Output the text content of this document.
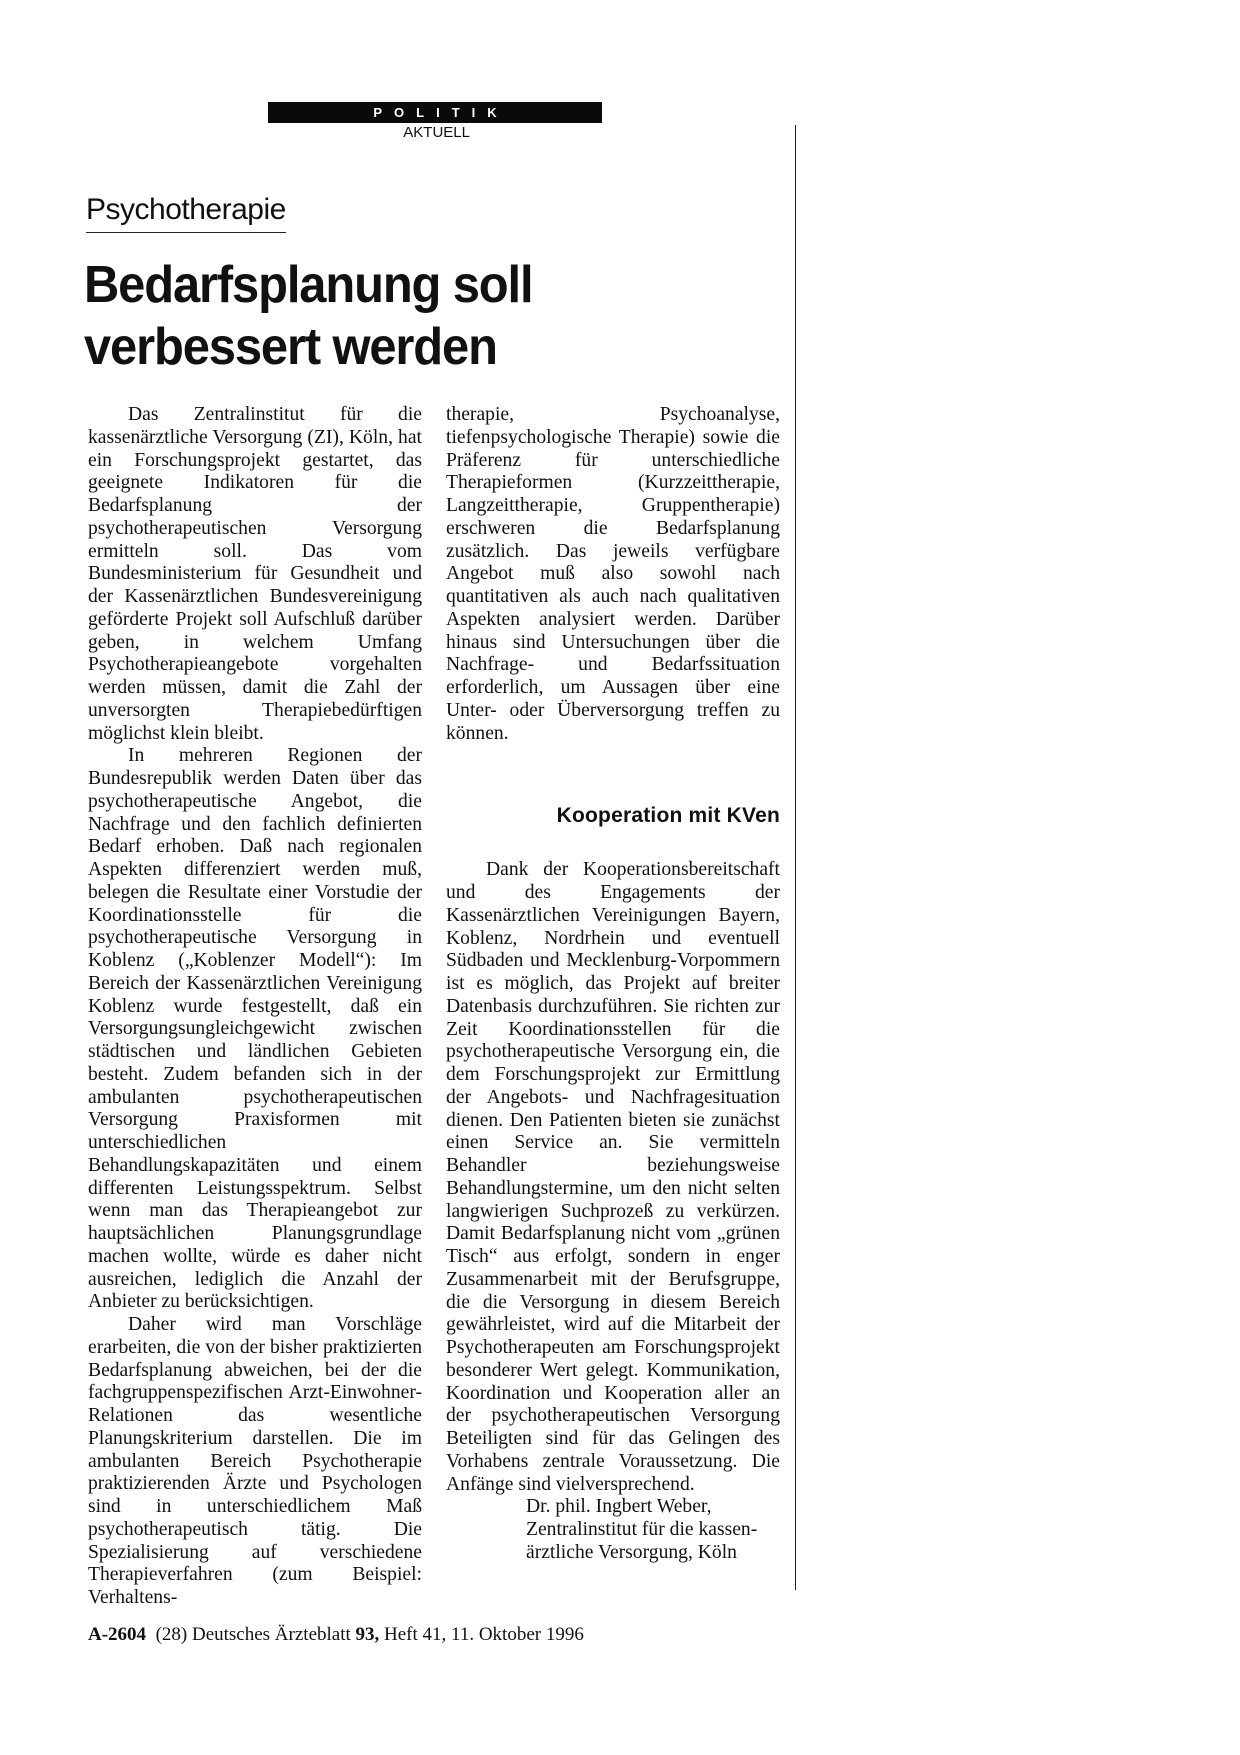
POLITIK
AKTUELL
Psychotherapie
Bedarfsplanung soll
verbessert werden

Das Zentralinstitut für die kassenärztliche Versorgung (ZI), Köln, hat ein Forschungsprojekt gestartet, das geeignete Indikatoren für die Bedarfsplanung der psychotherapeutischen Versorgung ermitteln soll. Das vom Bundesministerium für Gesundheit und der Kassenärztlichen Bundesvereinigung geförderte Projekt soll Aufschluß darüber geben, in welchem Umfang Psychotherapieangebote vorgehalten werden müssen, damit die Zahl der unversorgten Therapiebedürftigen möglichst klein bleibt.

In mehreren Regionen der Bundesrepublik werden Daten über das psychotherapeutische Angebot, die Nachfrage und den fachlich definierten Bedarf erhoben. Daß nach regionalen Aspekten differenziert werden muß, belegen die Resultate einer Vorstudie der Koordinationsstelle für die psychotherapeutische Versorgung in Koblenz („Koblenzer Modell“): Im Bereich der Kassenärztlichen Vereinigung Koblenz wurde festgestellt, daß ein Versorgungsungleichgewicht zwischen städtischen und ländlichen Gebieten besteht. Zudem befanden sich in der ambulanten psychotherapeutischen Versorgung Praxisformen mit unterschiedlichen Behandlungskapazitäten und einem differenten Leistungsspektrum. Selbst wenn man das Therapieangebot zur hauptsächlichen Planungsgrundlage machen wollte, würde es daher nicht ausreichen, lediglich die Anzahl der Anbieter zu berücksichtigen.

Daher wird man Vorschläge erarbeiten, die von der bisher praktizierten Bedarfsplanung abweichen, bei der die fachgruppenspezifischen Arzt-Einwohner-Relationen das wesentliche Planungskriterium darstellen. Die im ambulanten Bereich Psychotherapie praktizierenden Ärzte und Psychologen sind in unterschiedlichem Maß psychotherapeutisch tätig. Die Spezialisierung auf verschiedene Therapieverfahren (zum Beispiel: Verhaltens-

therapie, Psychoanalyse, tiefenpsychologische Therapie) sowie die Präferenz für unterschiedliche Therapieformen (Kurzzeittherapie, Langzeittherapie, Gruppentherapie) erschweren die Bedarfsplanung zusätzlich. Das jeweils verfügbare Angebot muß also sowohl nach quantitativen als auch nach qualitativen Aspekten analysiert werden. Darüber hinaus sind Untersuchungen über die Nachfrage- und Bedarfssituation erforderlich, um Aussagen über eine Unter- oder Überversorgung treffen zu können.

Kooperation mit KVen

Dank der Kooperationsbereitschaft und des Engagements der Kassenärztlichen Vereinigungen Bayern, Koblenz, Nordrhein und eventuell Südbaden und Mecklenburg-Vorpommern ist es möglich, das Projekt auf breiter Datenbasis durchzuführen. Sie richten zur Zeit Koordinationsstellen für die psychotherapeutische Versorgung ein, die dem Forschungsprojekt zur Ermittlung der Angebots- und Nachfragesituation dienen. Den Patienten bieten sie zunächst einen Service an. Sie vermitteln Behandler beziehungsweise Behandlungstermine, um den nicht selten langwierigen Suchprozeß zu verkürzen. Damit Bedarfsplanung nicht vom „grünen Tisch“ aus erfolgt, sondern in enger Zusammenarbeit mit der Berufsgruppe, die die Versorgung in diesem Bereich gewährleistet, wird auf die Mitarbeit der Psychotherapeuten am Forschungsprojekt besonderer Wert gelegt. Kommunikation, Koordination und Kooperation aller an der psychotherapeutischen Versorgung Beteiligten sind für das Gelingen des Vorhabens zentrale Voraussetzung. Die Anfänge sind vielversprechend.

Dr. phil. Ingbert Weber,

Zentralinstitut für die kassen-

ärztliche Versorgung, Köln

A-2604 (28) Deutsches Ärzteblatt 93, Heft 41, 11. Oktober 1996
